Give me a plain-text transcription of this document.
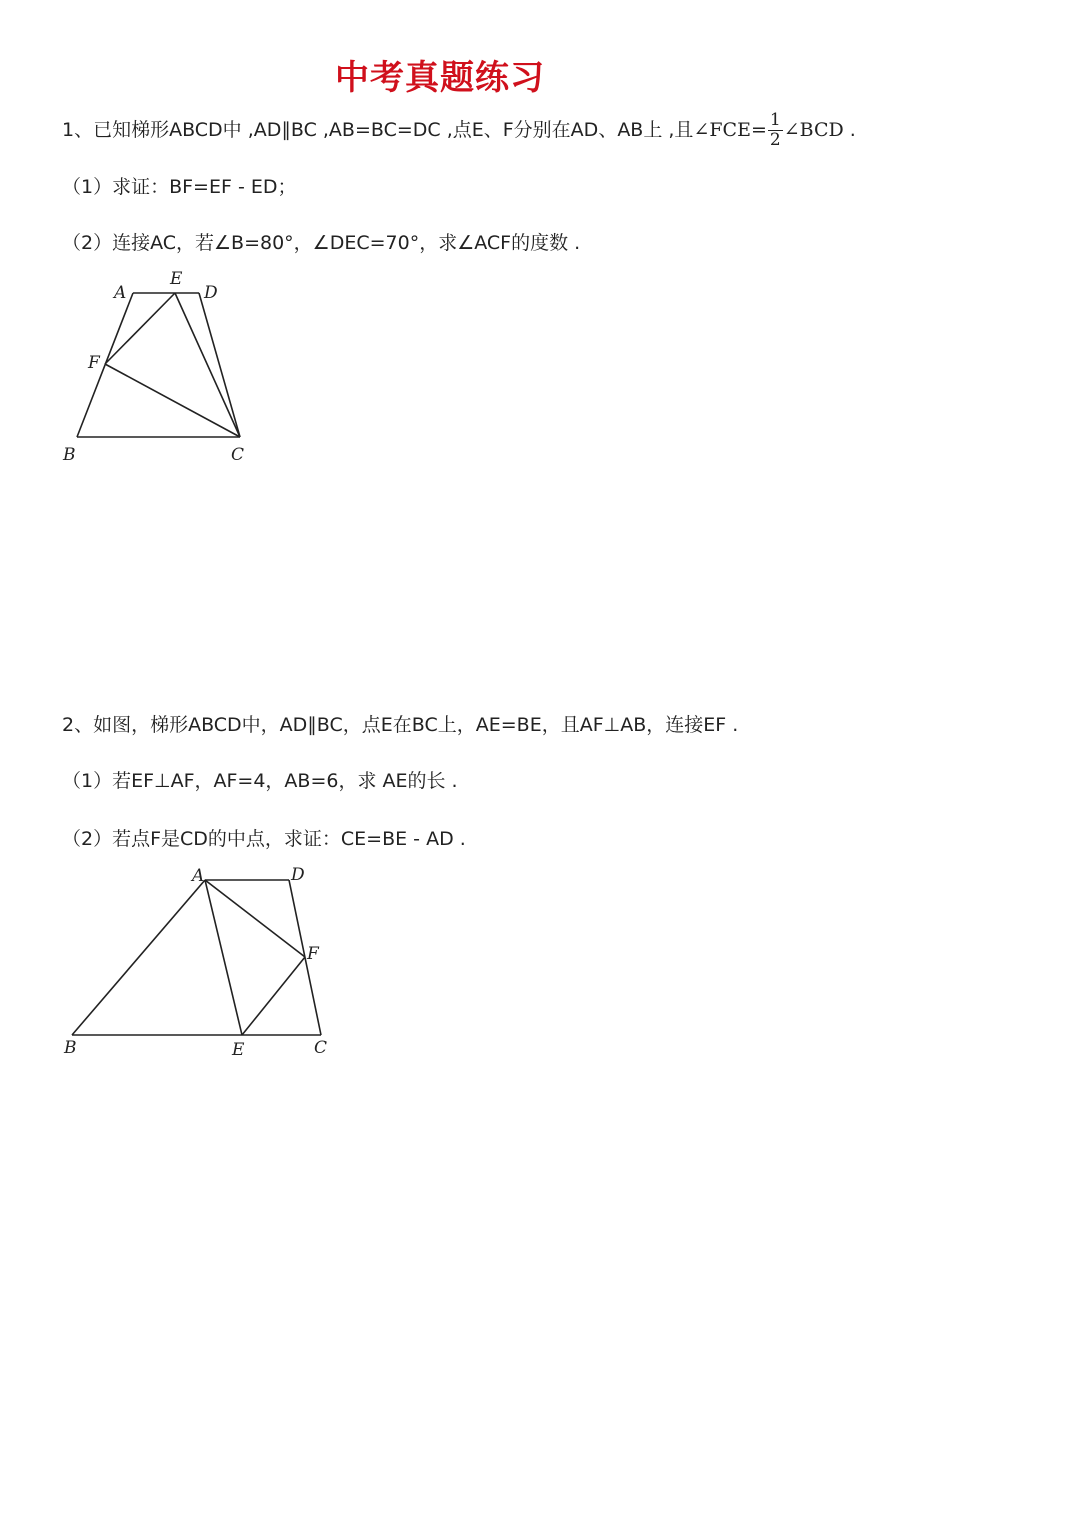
中考真题练习
1、已知梯形ABCD中 ,AD∥BC ,AB=BC=DC ,点E、F分别在AD、AB上 ,且∠FCE= $\frac{1}{2}$ ∠BCD .
（1）求证：BF=EF - ED；
（2）连接AC，若∠B=80°，∠DEC=70°，求∠ACF的度数 .
A
E
D
F
B	C
A	D
F
B	E	C
2、如图，梯形ABCD中，AD∥BC，点E在BC上，AE=BE，且AF⊥AB，连接EF .
（1）若EF⊥AF，AF=4，AB=6，求 AE的长 .
（2）若点F是CD的中点，求证：CE=BE - AD .
